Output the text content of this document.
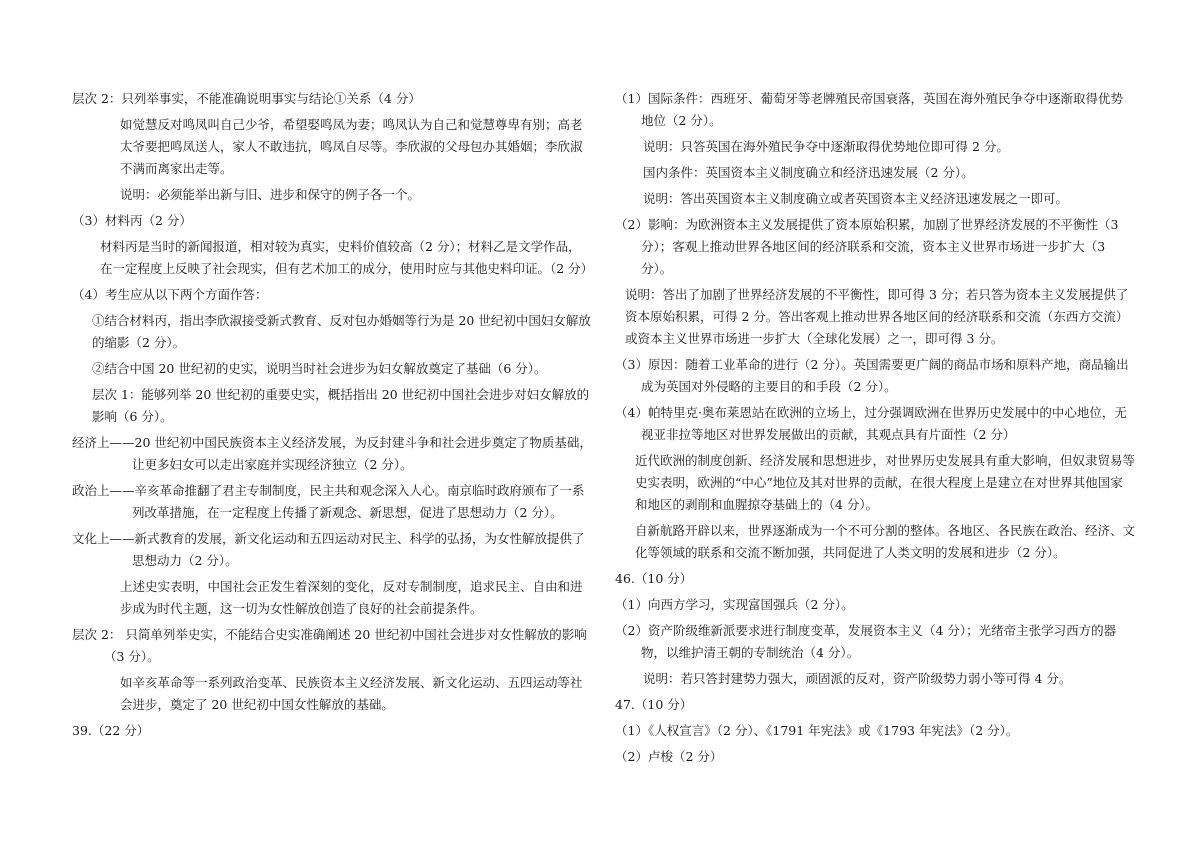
层次 2：只列举事实，不能准确说明事实与结论①关系（4 分）

如觉慧反对鸣凤叫自己少爷，希望娶鸣凤为妻；鸣凤认为自己和觉慧尊卑有别；高老太爷要把鸣凤送人，家人不敢违抗，鸣凤自尽等。李欣淑的父母包办其婚姻；李欣淑不满而离家出走等。

说明：必须能举出新与旧、进步和保守的例子各一个。

（3）材料丙（2 分）

材料丙是当时的新闻报道，相对较为真实，史料价值较高（2 分）；材料乙是文学作品，在一定程度上反映了社会现实，但有艺术加工的成分，使用时应与其他史料印证。（2 分）

（4）考生应从以下两个方面作答：

①结合材料丙，指出李欣淑接受新式教育、反对包办婚姻等行为是 20 世纪初中国妇女解放的缩影（2 分）。

②结合中国 20 世纪初的史实，说明当时社会进步为妇女解放奠定了基础（6 分）。

层次 1：能够列举 20 世纪初的重要史实，概括指出 20 世纪初中国社会进步对妇女解放的影响（6 分）。

经济上——20 世纪初中国民族资本主义经济发展，为反封建斗争和社会进步奠定了物质基础，让更多妇女可以走出家庭并实现经济独立（2 分）。

政治上——辛亥革命推翻了君主专制制度，民主共和观念深入人心。南京临时政府颁布了一系列改革措施，在一定程度上传播了新观念、新思想，促进了思想动力（2 分）。

文化上——新式教育的发展，新文化运动和五四运动对民主、科学的弘扬，为女性解放提供了思想动力（2 分）。

上述史实表明，中国社会正发生着深刻的变化，反对专制制度，追求民主、自由和进步成为时代主题，这一切为女性解放创造了良好的社会前提条件。

层次 2： 只简单列举史实，不能结合史实准确阐述 20 世纪初中国社会进步对女性解放的影响（3 分）。

如辛亥革命等一系列政治变革、民族资本主义经济发展、新文化运动、五四运动等社会进步，奠定了 20 世纪初中国女性解放的基础。

39.（22 分）

（1）国际条件：西班牙、葡萄牙等老牌殖民帝国衰落，英国在海外殖民争夺中逐渐取得优势地位（2 分）。

说明：只答英国在海外殖民争夺中逐渐取得优势地位即可得 2 分。

国内条件：英国资本主义制度确立和经济迅速发展（2 分）。

说明：答出英国资本主义制度确立或者英国资本主义经济迅速发展之一即可。

（2）影响：为欧洲资本主义发展提供了资本原始积累，加剧了世界经济发展的不平衡性（3 分）；客观上推动世界各地区间的经济联系和交流，资本主义世界市场进一步扩大（3 分）。

说明：答出了加剧了世界经济发展的不平衡性，即可得 3 分；若只答为资本主义发展提供了资本原始积累，可得 2 分。答出客观上推动世界各地区间的经济联系和交流（东西方交流）或资本主义世界市场进一步扩大（全球化发展）之一，即可得 3 分。

（3）原因：随着工业革命的进行（2 分）。英国需要更广阔的商品市场和原料产地，商品输出成为英国对外侵略的主要目的和手段（2 分）。

（4）帕特里克·奥布莱恩站在欧洲的立场上，过分强调欧洲在世界历史发展中的中心地位，无视亚非拉等地区对世界发展做出的贡献，其观点具有片面性（2 分）

近代欧洲的制度创新、经济发展和思想进步，对世界历史发展具有重大影响，但奴隶贸易等史实表明，欧洲的“中心”地位及其对世界的贡献，在很大程度上是建立在对世界其他国家和地区的剥削和血腥掠夺基础上的（4 分）。

自新航路开辟以来，世界逐渐成为一个不可分割的整体。各地区、各民族在政治、经济、文化等领域的联系和交流不断加强，共同促进了人类文明的发展和进步（2 分）。

46.（10 分）

（1）向西方学习，实现富国强兵（2 分）。

（2）资产阶级维新派要求进行制度变革，发展资本主义（4 分）；光绪帝主张学习西方的器物，以维护清王朝的专制统治（4 分）。

说明：若只答封建势力强大，顽固派的反对，资产阶级势力弱小等可得 4 分。

47.（10 分）

（1）《人权宣言》（2 分）、《1791 年宪法》或《1793 年宪法》（2 分）。

（2）卢梭（2 分）
